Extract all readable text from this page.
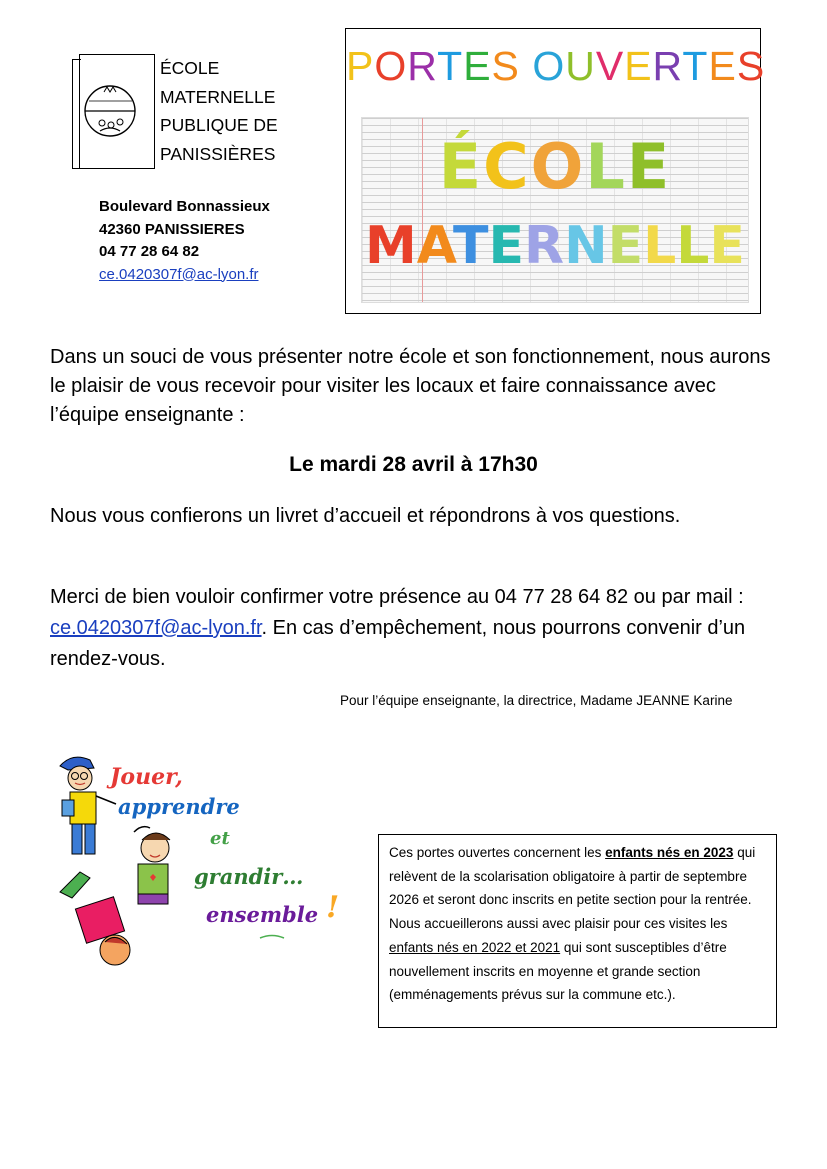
ÉCOLE
MATERNELLE
PUBLIQUE DE
PANISSIÈRES
Boulevard Bonnassieux
42360 PANISSIERES
04 77 28 64 82
ce.0420307f@ac-lyon.fr
PORTES OUVERTES
ÉCOLE
MATERNELLE
Dans un souci de vous présenter notre école et son fonctionnement, nous aurons le plaisir de vous recevoir pour visiter les locaux et faire connaissance avec l’équipe enseignante :
Le mardi 28 avril à 17h30
Nous vous confierons un livret d’accueil et répondrons à vos questions.
Merci de bien vouloir confirmer votre présence au 04 77 28 64 82 ou par mail : ce.0420307f@ac-lyon.fr. En cas d’empêchement, nous pourrons convenir d’un rendez-vous.
Pour l’équipe enseignante, la directrice, Madame JEANNE Karine
Jouer,
apprendre
et
grandir…
ensemble !
Ces portes ouvertes concernent les enfants nés en 2023 qui relèvent de la scolarisation obligatoire à partir de septembre 2026 et seront donc inscrits en petite section pour la rentrée. Nous accueillerons aussi avec plaisir pour ces visites les enfants nés en 2022 et 2021 qui sont susceptibles d’être nouvellement inscrits en moyenne et grande section (emménagements prévus sur la commune etc.).
